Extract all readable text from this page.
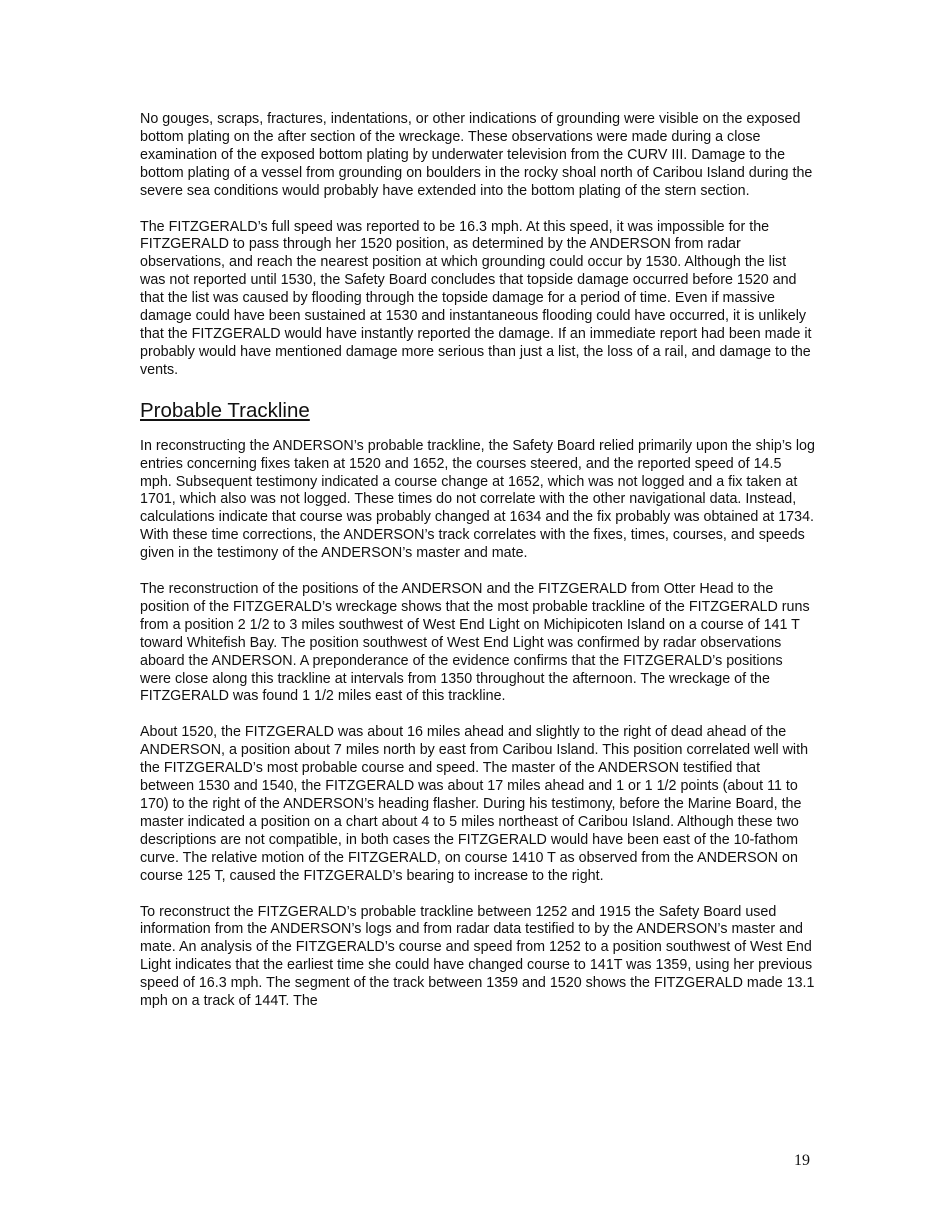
No gouges, scraps, fractures, indentations, or other indications of grounding were visible on the exposed bottom plating on the after section of the wreckage. These observations were made during a close examination of the exposed bottom plating by underwater television from the CURV III. Damage to the bottom plating of a vessel from grounding on boulders in the rocky shoal north of Caribou Island during the severe sea conditions would probably have extended into the bottom plating of the stern section.

The FITZGERALD’s full speed was reported to be 16.3 mph. At this speed, it was impossible for the FITZGERALD to pass through her 1520 position, as determined by the ANDERSON from radar observations, and reach the nearest position at which grounding could occur by 1530. Although the list was not reported until 1530, the Safety Board concludes that topside damage occurred before 1520 and that the list was caused by flooding through the topside damage for a period of time. Even if massive damage could have been sustained at 1530 and instantaneous flooding could have occurred, it is unlikely that the FITZGERALD would have instantly reported the damage. If an immediate report had been made it probably would have mentioned damage more serious than just a list, the loss of a rail, and damage to the vents.

Probable Trackline

In reconstructing the ANDERSON’s probable trackline, the Safety Board relied primarily upon the ship’s log entries concerning fixes taken at 1520 and 1652, the courses steered, and the reported speed of 14.5 mph. Subsequent testimony indicated a course change at 1652, which was not logged and a fix taken at 1701, which also was not logged. These times do not correlate with the other navigational data. Instead, calculations indicate that course was probably changed at 1634 and the fix probably was obtained at 1734. With these time corrections, the ANDERSON’s track correlates with the fixes, times, courses, and speeds given in the testimony of the ANDERSON’s master and mate.

The reconstruction of the positions of the ANDERSON and the FITZGERALD from Otter Head to the position of the FITZGERALD’s wreckage shows that the most probable trackline of the FITZGERALD runs from a position 2 1/2 to 3 miles southwest of West End Light on Michipicoten Island on a course of 141 T toward Whitefish Bay. The position southwest of West End Light was confirmed by radar observations aboard the ANDERSON. A preponderance of the evidence confirms that the FITZGERALD’s positions were close along this trackline at intervals from 1350 throughout the afternoon. The wreckage of the FITZGERALD was found 1 1/2 miles east of this trackline.

About 1520, the FITZGERALD was about 16 miles ahead and slightly to the right of dead ahead of the ANDERSON, a position about 7 miles north by east from Caribou Island. This position correlated well with the FITZGERALD’s most probable course and speed. The master of the ANDERSON testified that between 1530 and 1540, the FITZGERALD was about 17 miles ahead and 1 or 1 1/2 points (about 11 to 170) to the right of the ANDERSON’s heading flasher. During his testimony, before the Marine Board, the master indicated a position on a chart about 4 to 5 miles northeast of Caribou Island. Although these two descriptions are not compatible, in both cases the FITZGERALD would have been east of the 10-fathom curve. The relative motion of the FITZGERALD, on course 1410 T as observed from the ANDERSON on course 125 T, caused the FITZGERALD’s bearing to increase to the right.

To reconstruct the FITZGERALD’s probable trackline between 1252 and 1915 the Safety Board used information from the ANDERSON’s logs and from radar data testified to by the ANDERSON’s master and mate. An analysis of the FITZGERALD’s course and speed from 1252 to a position southwest of West End Light indicates that the earliest time she could have changed course to 141T was 1359, using her previous speed of 16.3 mph. The segment of the track between 1359 and 1520 shows the FITZGERALD made 13.1 mph on a track of 144T. The

19
